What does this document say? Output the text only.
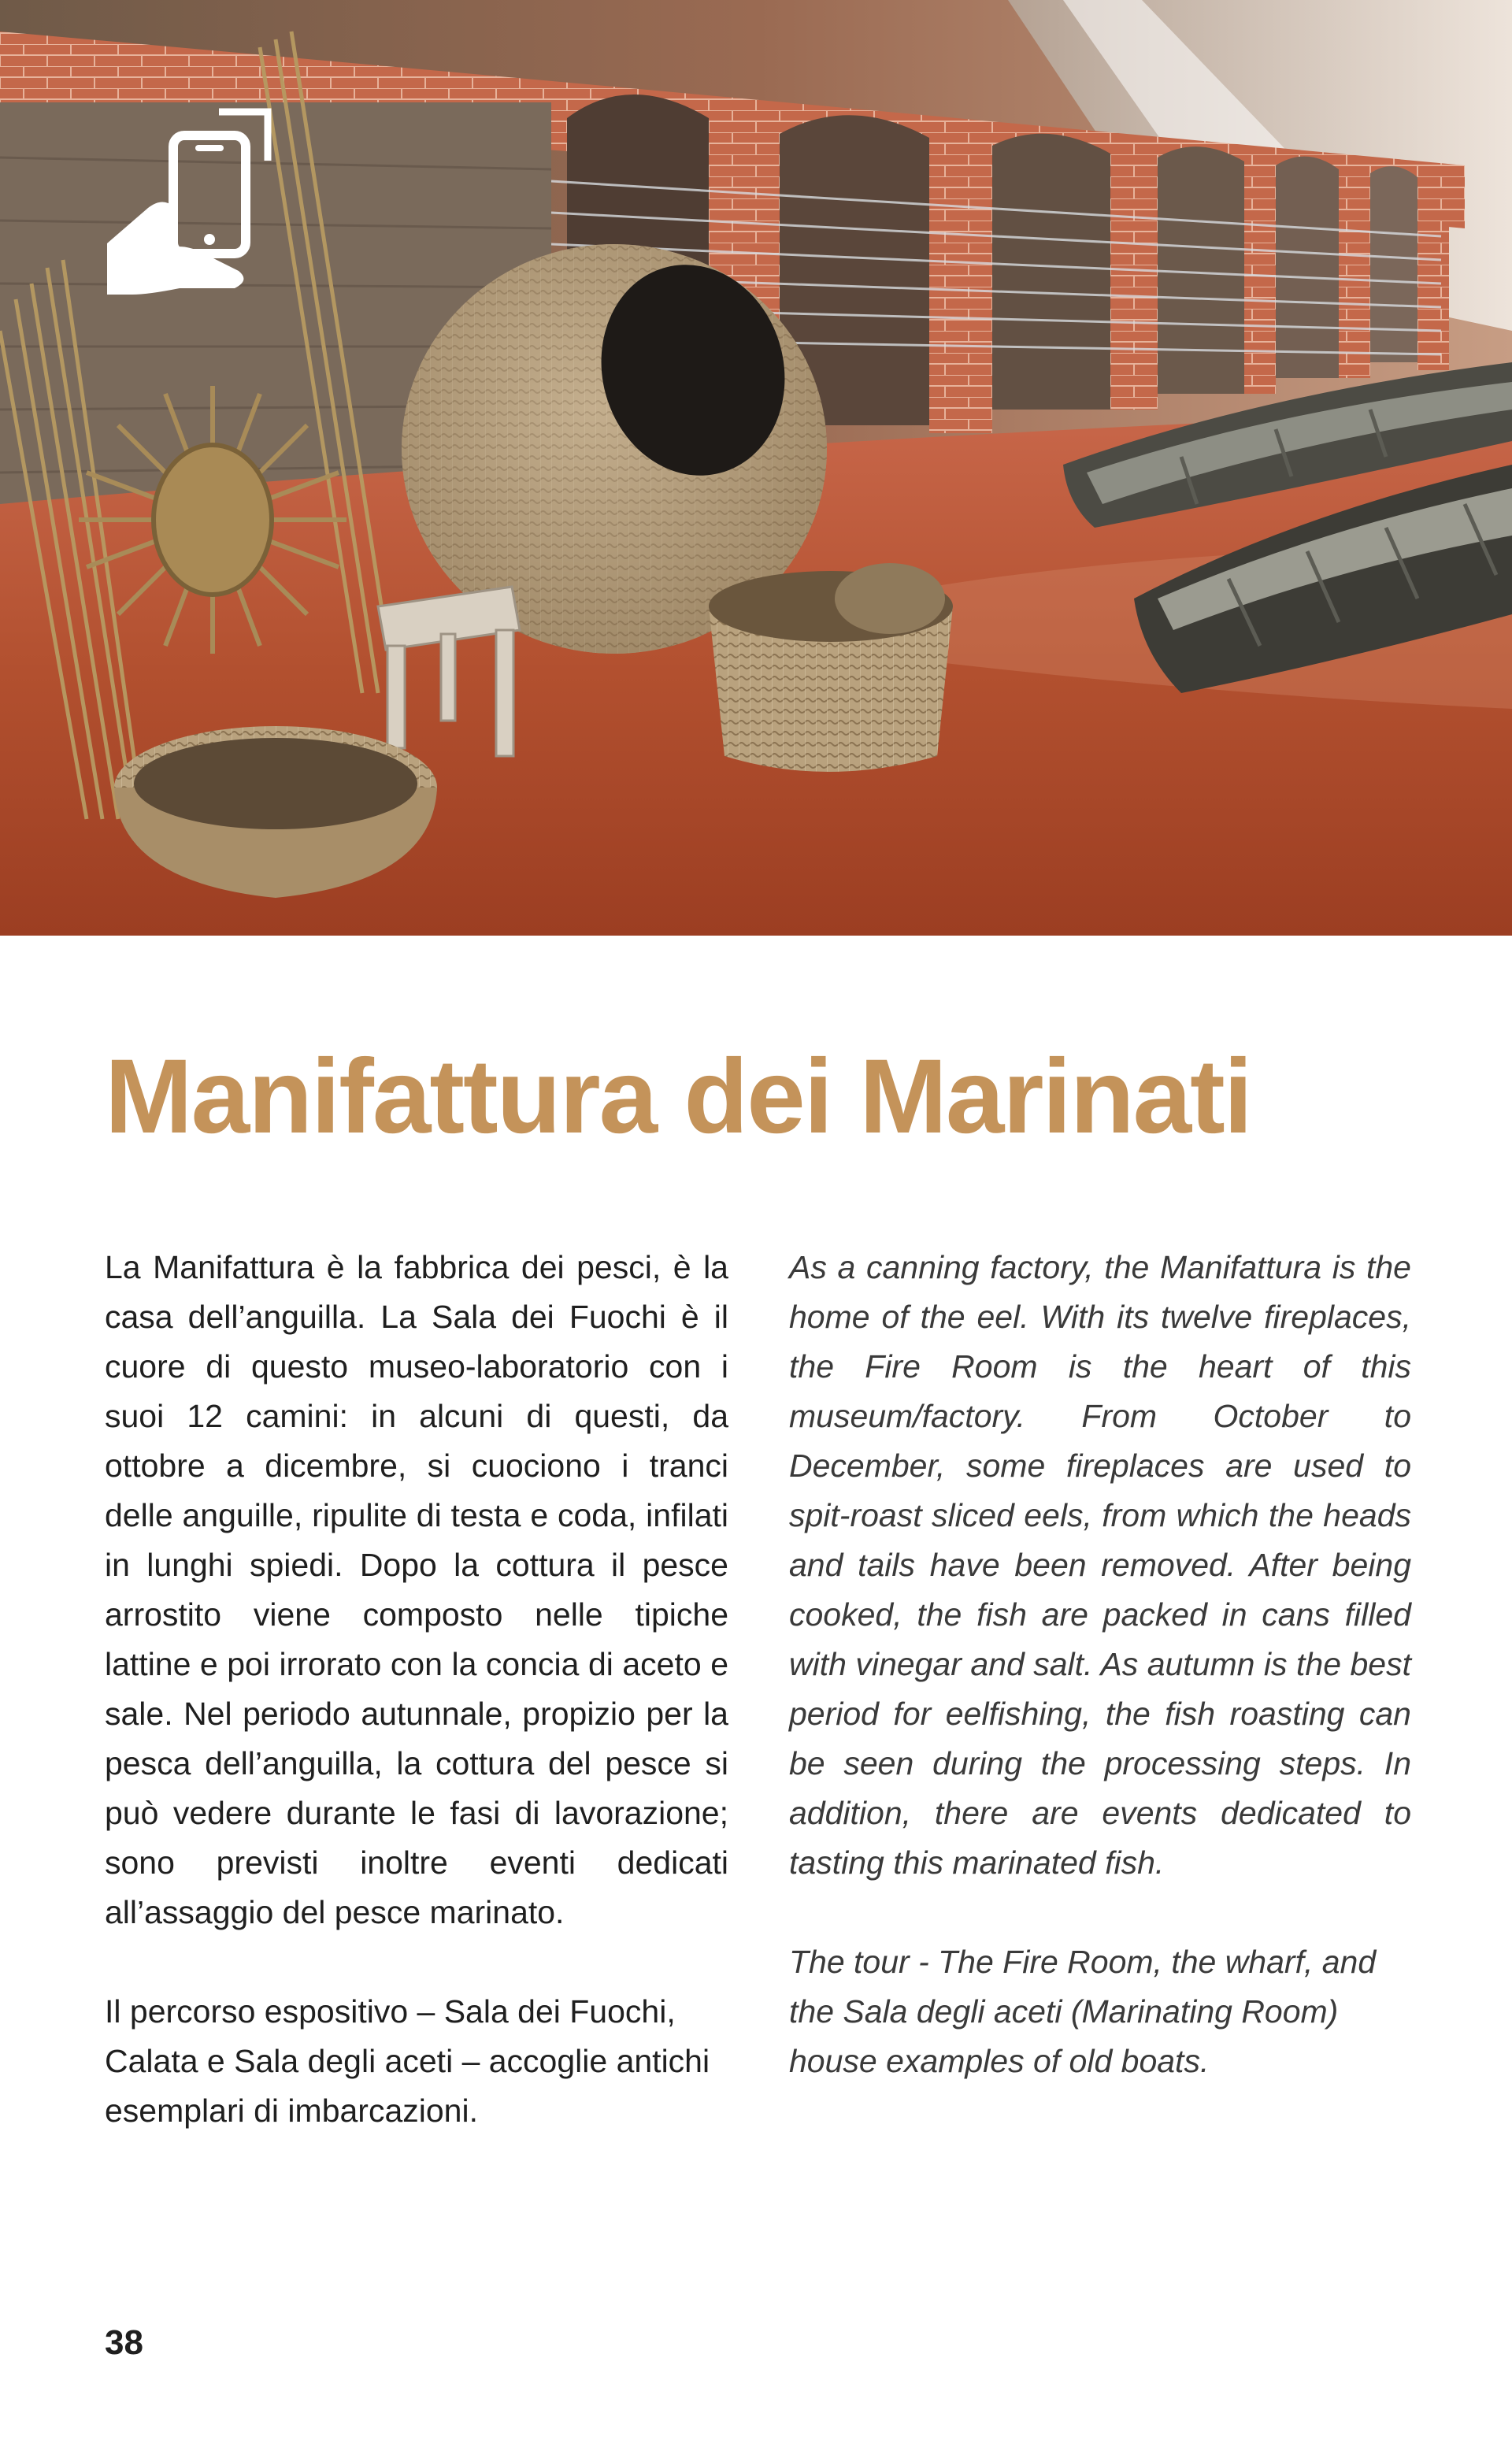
Manifattura dei Marinati

La Manifattura è la fabbrica dei pesci, è la casa dell’anguilla. La Sala dei Fuochi è il cuore di questo museo-laboratorio con i suoi 12 camini: in alcuni di questi, da ottobre a dicembre, si cuociono i tranci delle anguille, ripulite di testa e coda, infilati in lunghi spiedi. Dopo la cottura il pesce arrostito viene composto nelle tipiche lattine e poi irrorato con la concia di aceto e sale. Nel periodo autunnale, propizio per la pesca dell’anguilla, la cottura del pesce si può vedere durante le fasi di lavorazione; sono previsti inoltre eventi dedicati all’assaggio del pesce marinato.

Il percorso espositivo – Sala dei Fuochi, Calata e Sala degli aceti – accoglie antichi esemplari di imbarcazioni.

As a canning factory, the Manifattura is the home of the eel. With its twelve fireplaces, the Fire Room is the heart of this museum/factory. From October to December, some fireplaces are used to spit-roast sliced eels, from which the heads and tails have been removed. After being cooked, the fish are packed in cans filled with vinegar and salt. As autumn is the best period for eelfishing, the fish roasting can be seen during the processing steps. In addition, there are events dedicated to tasting this marinated fish.

The tour - The Fire Room, the wharf, and the Sala degli aceti (Marinating Room) house examples of old boats.

38
